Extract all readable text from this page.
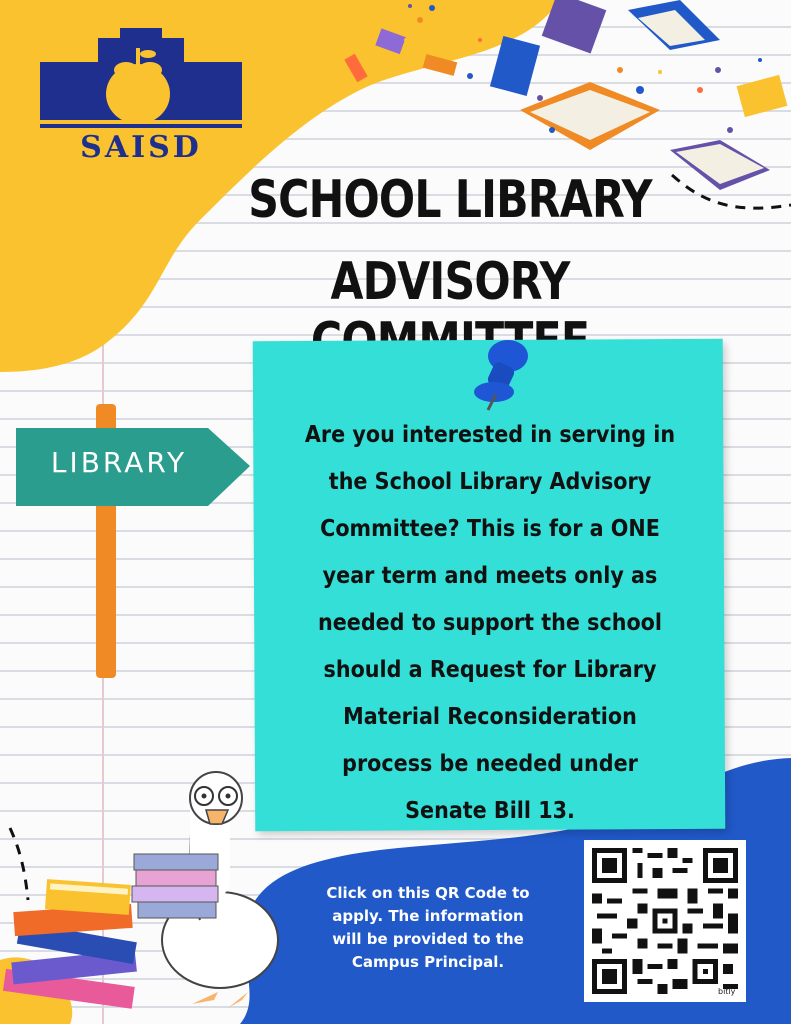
SAISD
SCHOOL LIBRARY
ADVISORY
LIBRARY
Are you interested in serving in
the School Library Advisory
Committee? This is for a ONE
year term and meets only as
needed to support the school
should a Request for Library
Material Reconsideration
process be needed under
Senate Bill 13.
Click on this QR Code to
apply. The information
will be provided to the
Campus Principal.
bitly
